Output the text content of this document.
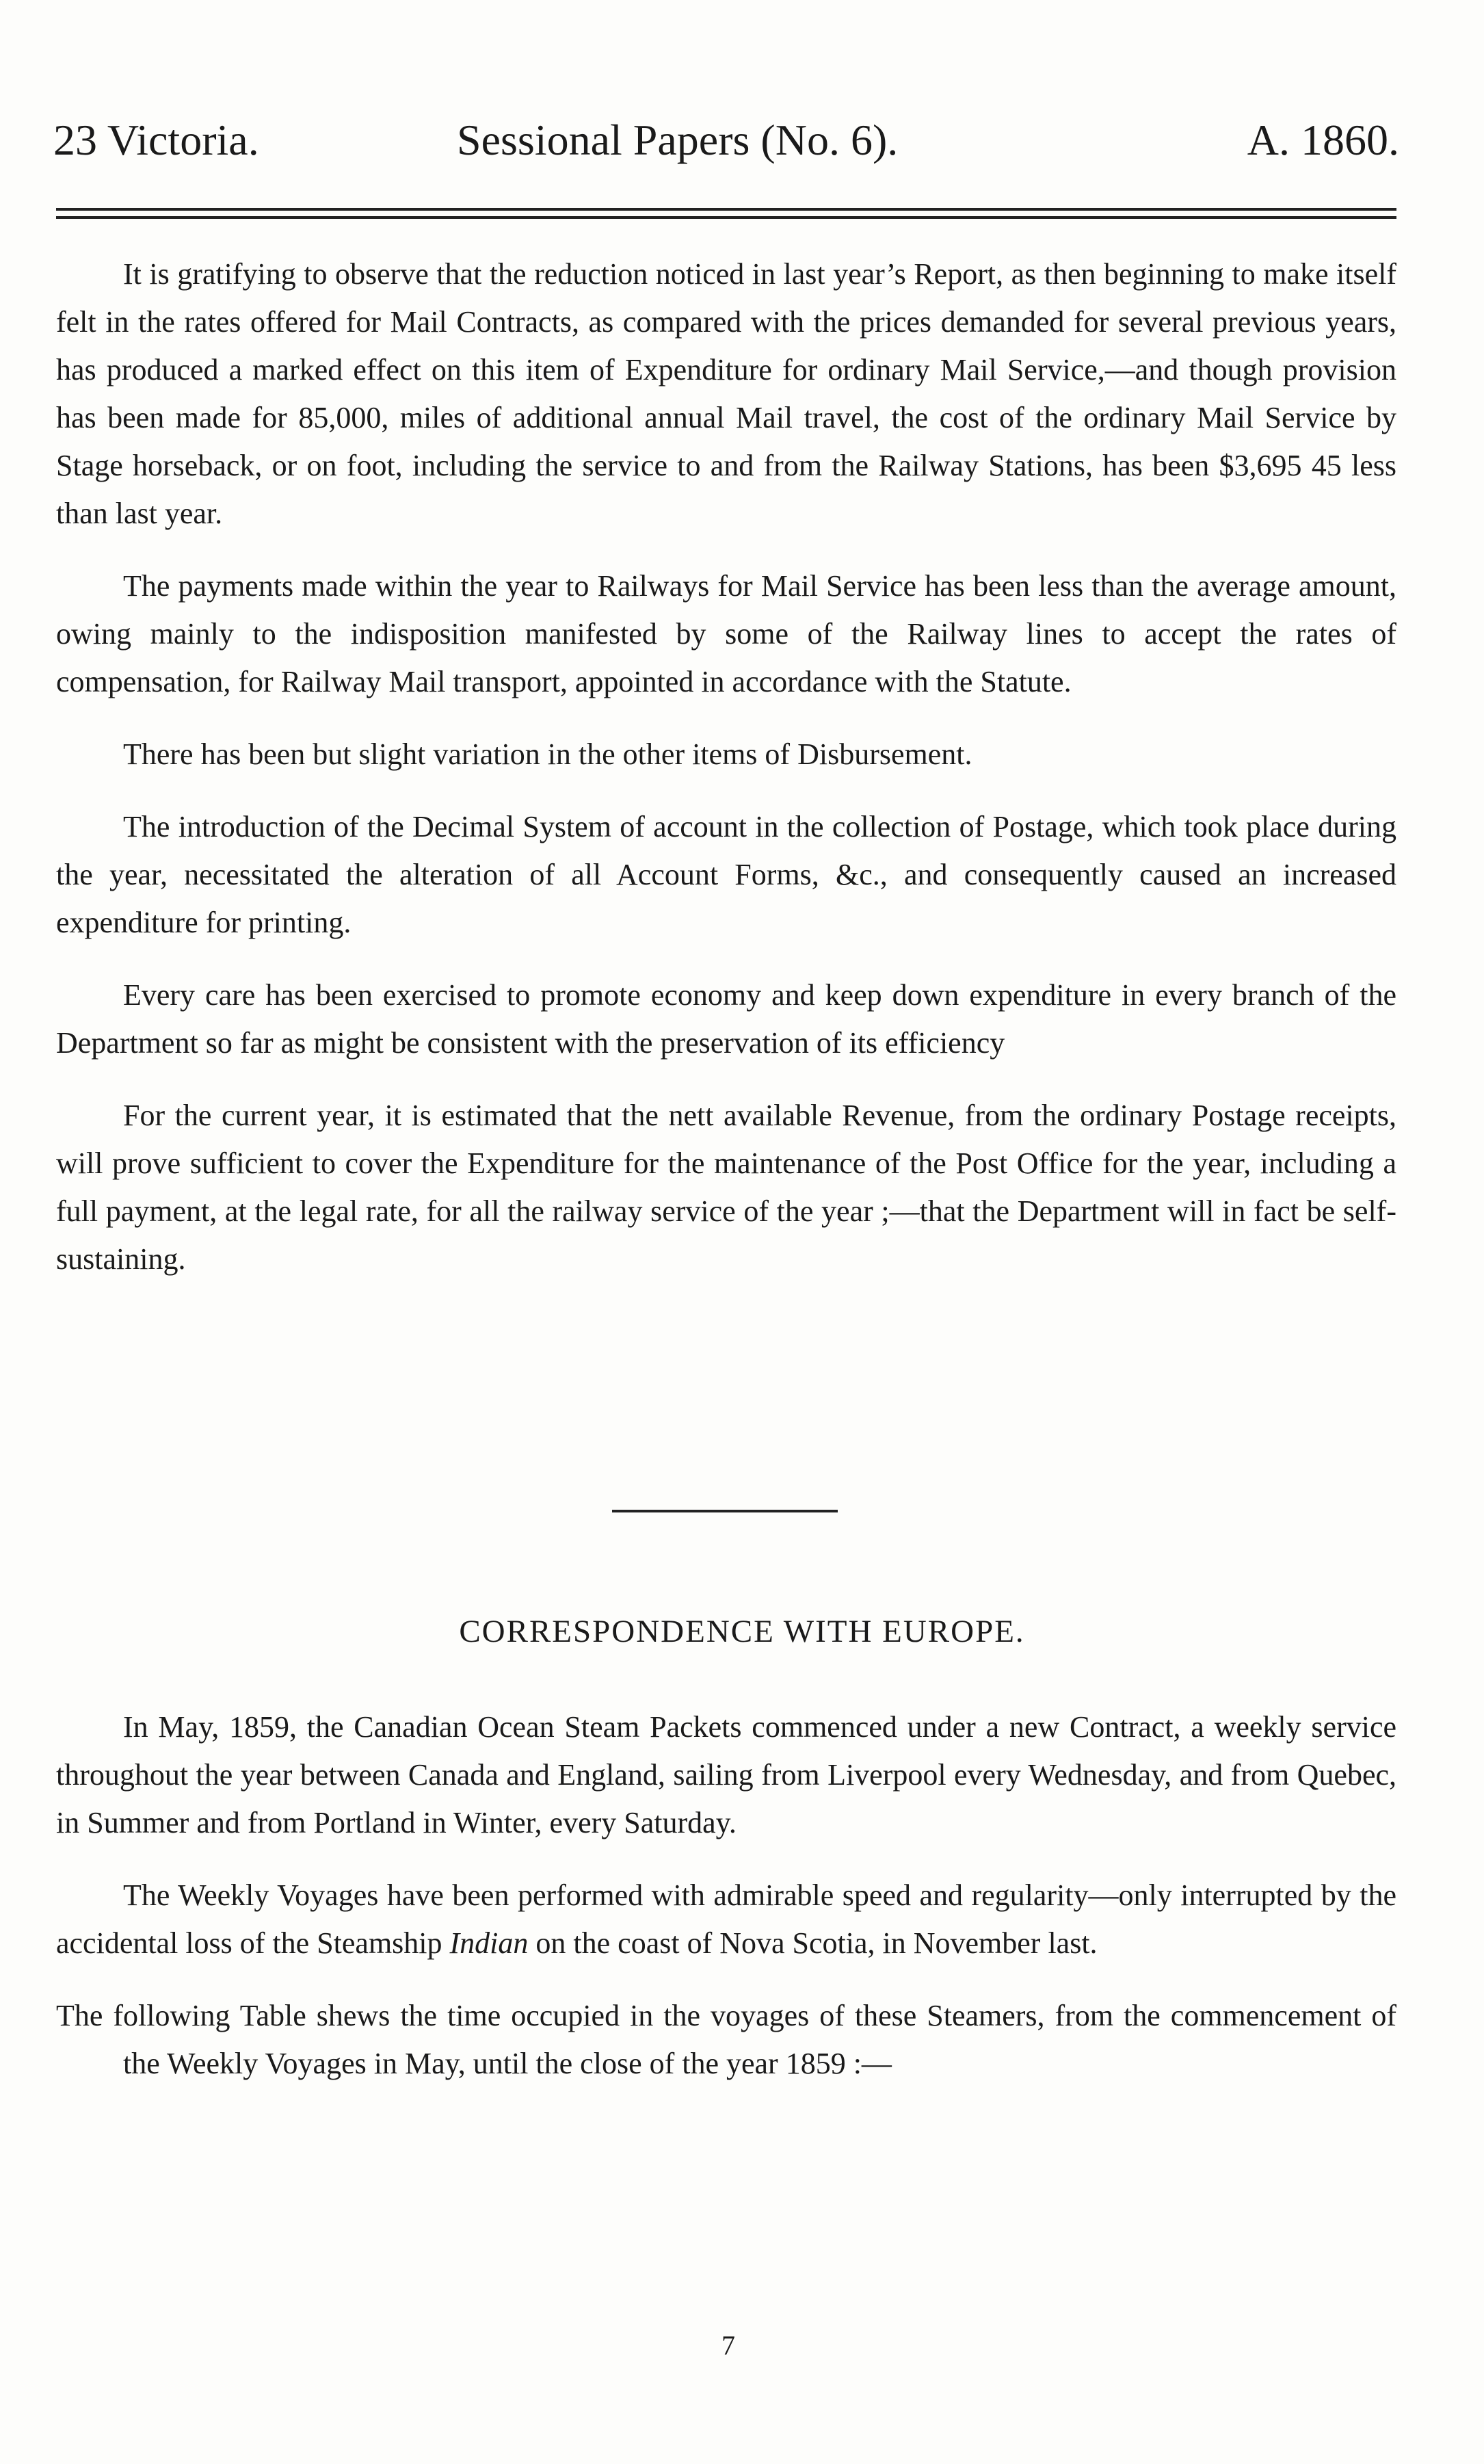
23 Victoria.	Sessional Papers (No. 6).	A. 1860.

It is gratifying to observe that the reduction noticed in last year’s Report, as then beginning to make itself felt in the rates offered for Mail Contracts, as compared with the prices demanded for several previous years, has produced a marked effect on this item of Expenditure for ordinary Mail Service,—and though provision has been made for 85,000, miles of additional annual Mail travel, the cost of the ordinary Mail Service by Stage horseback, or on foot, including the service to and from the Railway Stations, has been $3,695 45 less than last year.

The payments made within the year to Railways for Mail Service has been less than the average amount, owing mainly to the indisposition manifested by some of the Railway lines to accept the rates of compensation, for Railway Mail transport, appointed in accordance with the Statute.

There has been but slight variation in the other items of Disbursement.

The introduction of the Decimal System of account in the collection of Postage, which took place during the year, necessitated the alteration of all Account Forms, &c., and consequently caused an increased expenditure for printing.

Every care has been exercised to promote economy and keep down expenditure in every branch of the Department so far as might be consistent with the preservation of its efficiency

For the current year, it is estimated that the nett available Revenue, from the ordinary Postage receipts, will prove sufficient to cover the Expenditure for the maintenance of the Post Office for the year, including a full payment, at the legal rate, for all the railway service of the year ;—that the Department will in fact be self-sustaining.

CORRESPONDENCE WITH EUROPE.

In May, 1859, the Canadian Ocean Steam Packets commenced under a new Contract, a weekly service throughout the year between Canada and England, sailing from Liverpool every Wednesday, and from Quebec, in Summer and from Portland in Winter, every Saturday.

The Weekly Voyages have been performed with admirable speed and regularity—only interrupted by the accidental loss of the Steamship Indian on the coast of Nova Scotia, in November last.

The following Table shews the time occupied in the voyages of these Steamers, from the commencement of the Weekly Voyages in May, until the close of the year 1859 :—

7
